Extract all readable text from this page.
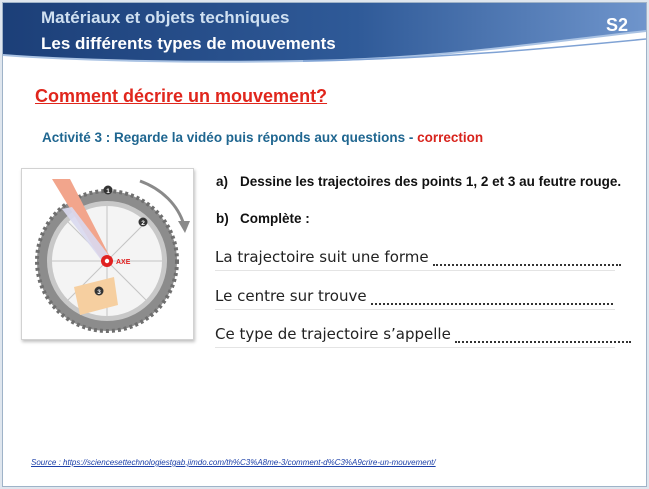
Matériaux et objets techniques
Les différents types de mouvements
S2
Comment décrire un mouvement?
Activité 3 : Regarde la vidéo puis réponds aux questions - correction
AXE
1
2
3
a) Dessine les trajectoires des points 1, 2 et 3 au feutre rouge.
b) Complète :
La trajectoire suit une forme
Le centre sur trouve
Ce type de trajectoire s’appelle
Source : https://sciencesettechnologiestgab.jimdo.com/th%C3%A8me-3/comment-d%C3%A9crire-un-mouvement/
